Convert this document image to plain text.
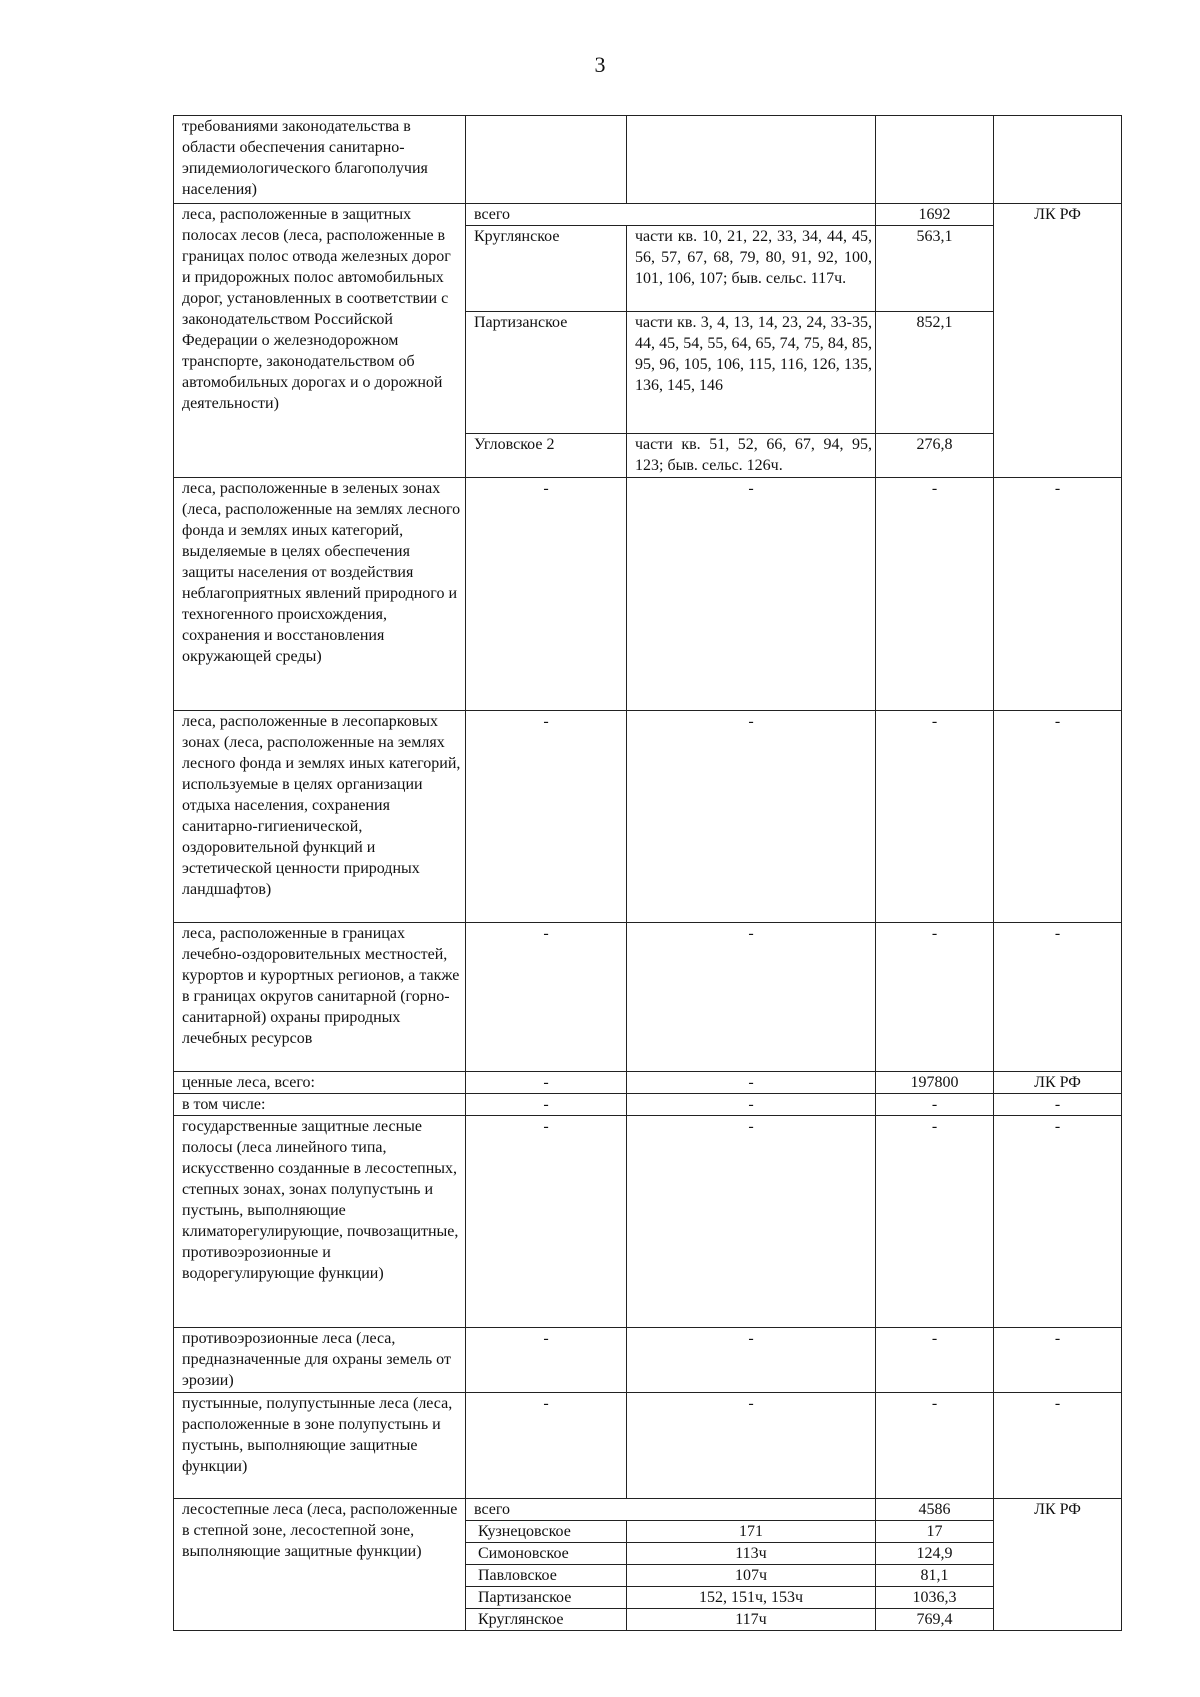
3
требованиями законодательства в области обеспечения санитарно-эпидемиологического благополучия населения)				
леса, расположенные в защитных полосах лесов (леса, расположенные в границах полос отвода железных дорог и придорожных полос автомобильных дорог, установленных в соответствии с законодательством Российской Федерации о железнодорожном транспорте, законодательством об автомобильных дорогах и о дорожной деятельности)	всего		1692	ЛК РФ
	Круглянское	части кв. 10, 21, 22, 33, 34, 44, 45, 56, 57, 67, 68, 79, 80, 91, 92, 100, 101, 106, 107; быв. сельс. 117ч.	563,1	
	Партизанское	части кв. 3, 4, 13, 14, 23, 24, 33-35, 44, 45, 54, 55, 64, 65, 74, 75, 84, 85, 95, 96, 105, 106, 115, 116, 126, 135, 136, 145, 146	852,1	
	Угловское 2	части кв. 51, 52, 66, 67, 94, 95, 123; быв. сельс. 126ч.	276,8	
леса, расположенные в зеленых зонах (леса, расположенные на землях лесного фонда и землях иных категорий, выделяемые в целях обеспечения защиты населения от воздействия неблагоприятных явлений природного и техногенного происхождения, сохранения и восстановления окружающей среды)	-	-	-	-
леса, расположенные в лесопарковых зонах (леса, расположенные на землях лесного фонда и землях иных категорий, используемые в целях организации отдыха населения, сохранения санитарно-гигиенической, оздоровительной функций и эстетической ценности природных ландшафтов)	-	-	-	-
леса, расположенные в границах лечебно-оздоровительных местностей, курортов и курортных регионов, а также в границах округов санитарной (горно-санитарной) охраны природных лечебных ресурсов	-	-	-	-
ценные леса, всего:	-	-	197800	ЛК РФ
в том числе:	-	-	-	-
государственные защитные лесные полосы (леса линейного типа, искусственно созданные в лесостепных, степных зонах, зонах полупустынь и пустынь, выполняющие климаторегулирующие, почвозащитные, противоэрозионные и водорегулирующие функции)	-	-	-	-
противоэрозионные леса (леса, предназначенные для охраны земель от эрозии)	-	-	-	-
пустынные, полупустынные леса (леса, расположенные в зоне полупустынь и пустынь, выполняющие защитные функции)	-	-	-	-
лесостепные леса (леса, расположенные в степной зоне, лесостепной зоне, выполняющие защитные функции)	всего		4586	ЛК РФ
	Кузнецовское	171	17	
	Симоновское	113ч	124,9	
	Павловское	107ч	81,1	
	Партизанское	152, 151ч, 153ч	1036,3	
	Круглянское	117ч	769,4	
